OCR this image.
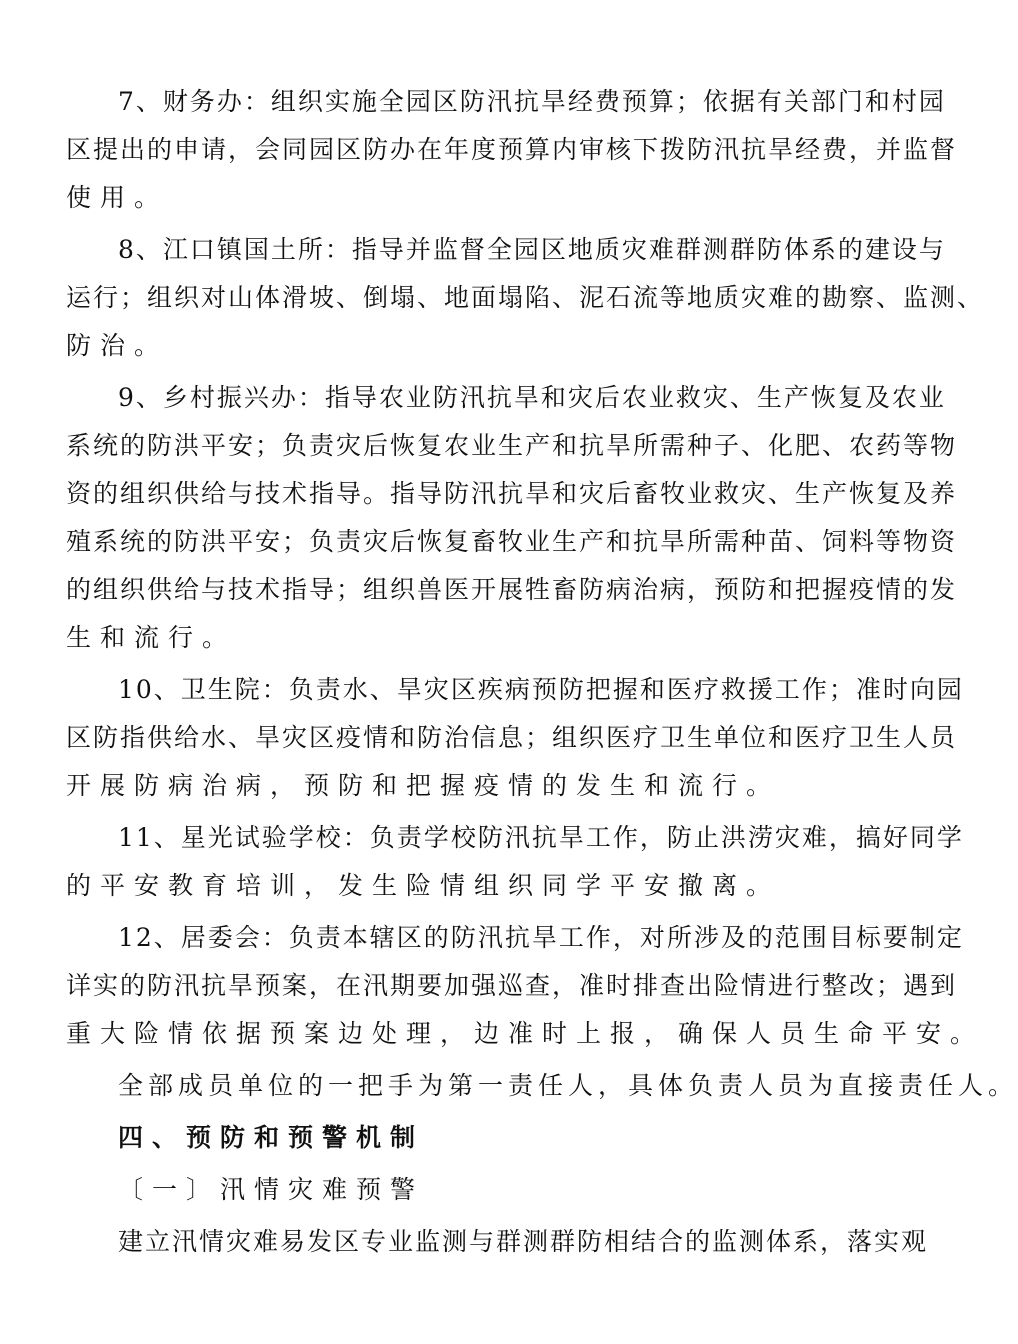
7、财务办：组织实施全园区防汛抗旱经费预算；依据有关部门和村园
区提出的申请，会同园区防办在年度预算内审核下拨防汛抗旱经费，并监督
使用。
8、江口镇国土所：指导并监督全园区地质灾难群测群防体系的建设与
运行；组织对山体滑坡、倒塌、地面塌陷、泥石流等地质灾难的勘察、监测、
防治。
9、乡村振兴办：指导农业防汛抗旱和灾后农业救灾、生产恢复及农业
系统的防洪平安；负责灾后恢复农业生产和抗旱所需种子、化肥、农药等物
资的组织供给与技术指导。指导防汛抗旱和灾后畜牧业救灾、生产恢复及养
殖系统的防洪平安；负责灾后恢复畜牧业生产和抗旱所需种苗、饲料等物资
的组织供给与技术指导；组织兽医开展牲畜防病治病，预防和把握疫情的发
生和流行。
10、卫生院：负责水、旱灾区疾病预防把握和医疗救援工作；准时向园
区防指供给水、旱灾区疫情和防治信息；组织医疗卫生单位和医疗卫生人员
开展防病治病，预防和把握疫情的发生和流行。
11、星光试验学校：负责学校防汛抗旱工作，防止洪涝灾难，搞好同学
的平安教育培训，发生险情组织同学平安撤离。
12、居委会：负责本辖区的防汛抗旱工作，对所涉及的范围目标要制定
详实的防汛抗旱预案，在汛期要加强巡查，准时排查出险情进行整改；遇到
重大险情依据预案边处理，边准时上报，确保人员生命平安。
全部成员单位的一把手为第一责任人，具体负责人员为直接责任人。
四、预防和预警机制
〔一〕汛情灾难预警
建立汛情灾难易发区专业监测与群测群防相结合的监测体系，落实观
